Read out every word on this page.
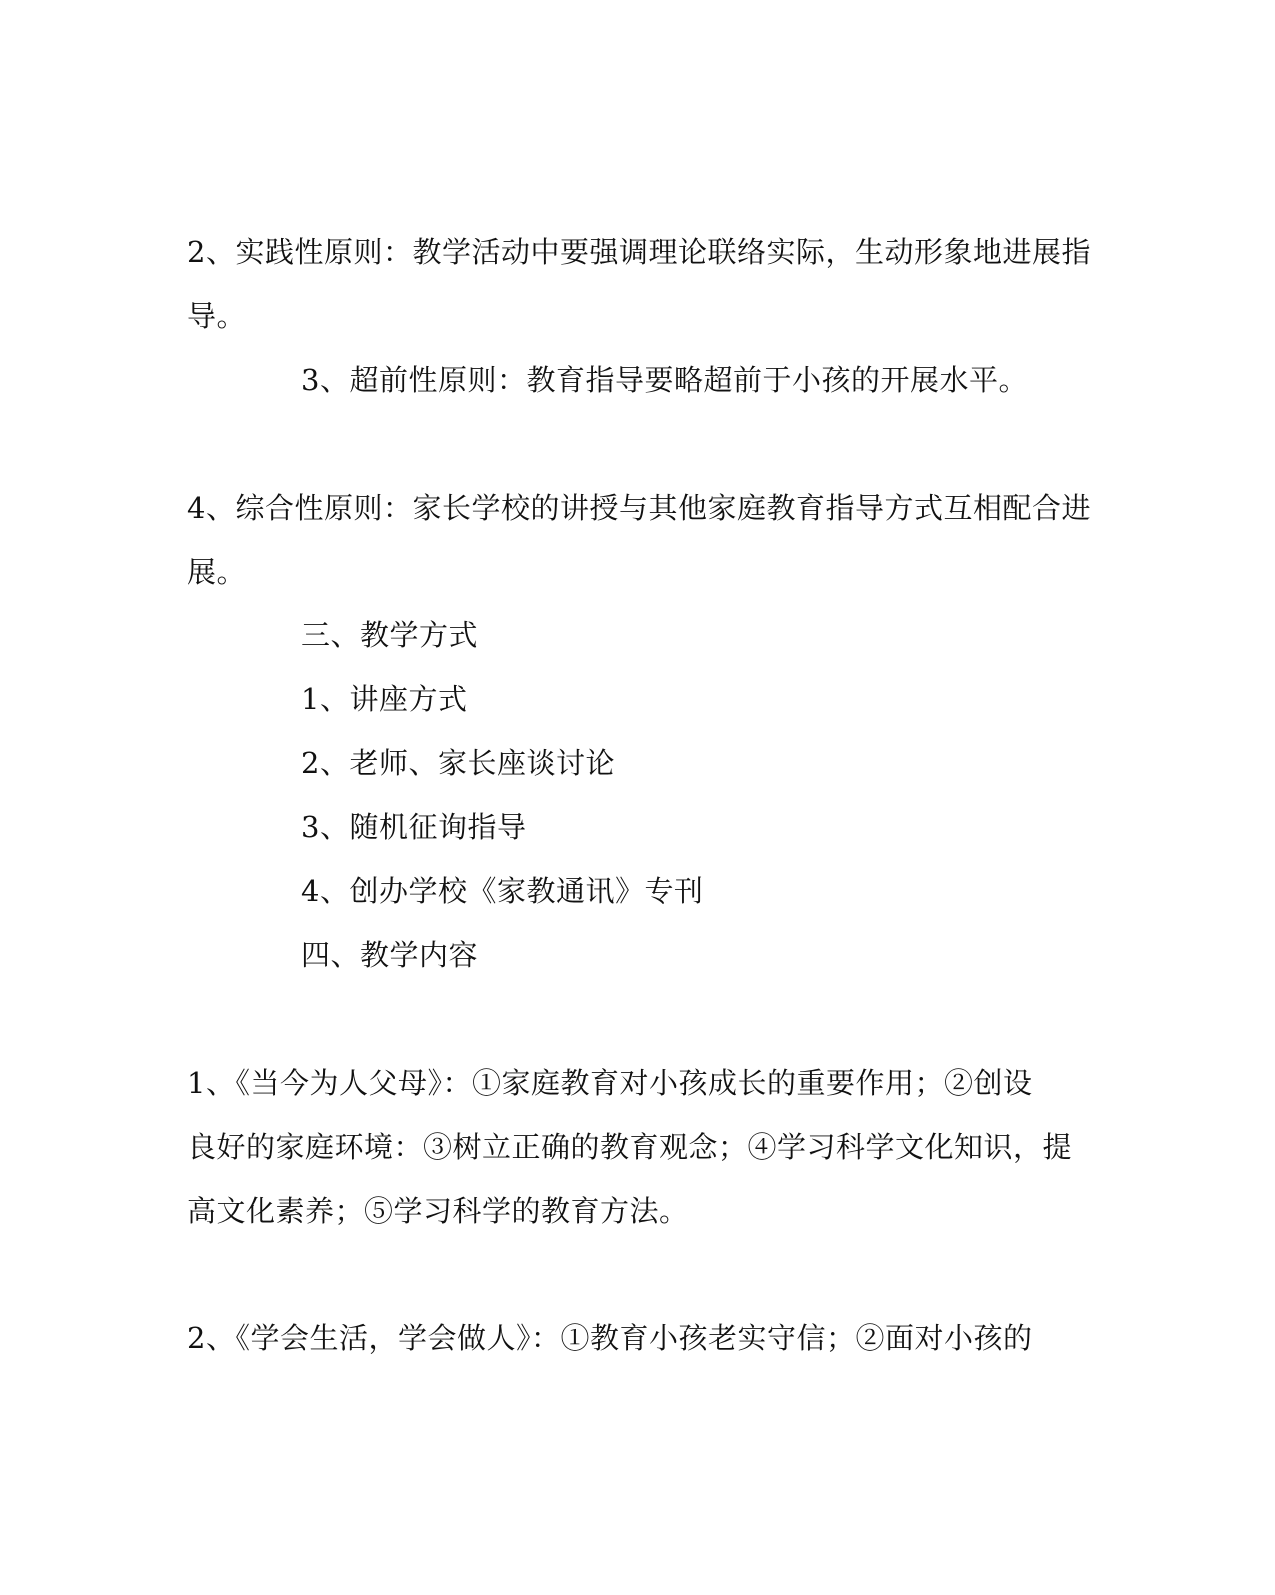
2、实践性原则：教学活动中要强调理论联络实际，生动形象地进展指
导。
3、超前性原则：教育指导要略超前于小孩的开展水平。
4、综合性原则：家长学校的讲授与其他家庭教育指导方式互相配合进
展。
三、教学方式
1、讲座方式
2、老师、家长座谈讨论
3、随机征询指导
4、创办学校《家教通讯》专刊
四、教学内容
1、《当今为人父母》：①家庭教育对小孩成长的重要作用；②创设
良好的家庭环境：③树立正确的教育观念；④学习科学文化知识，提
高文化素养；⑤学习科学的教育方法。
2、《学会生活，学会做人》：①教育小孩老实守信；②面对小孩的
